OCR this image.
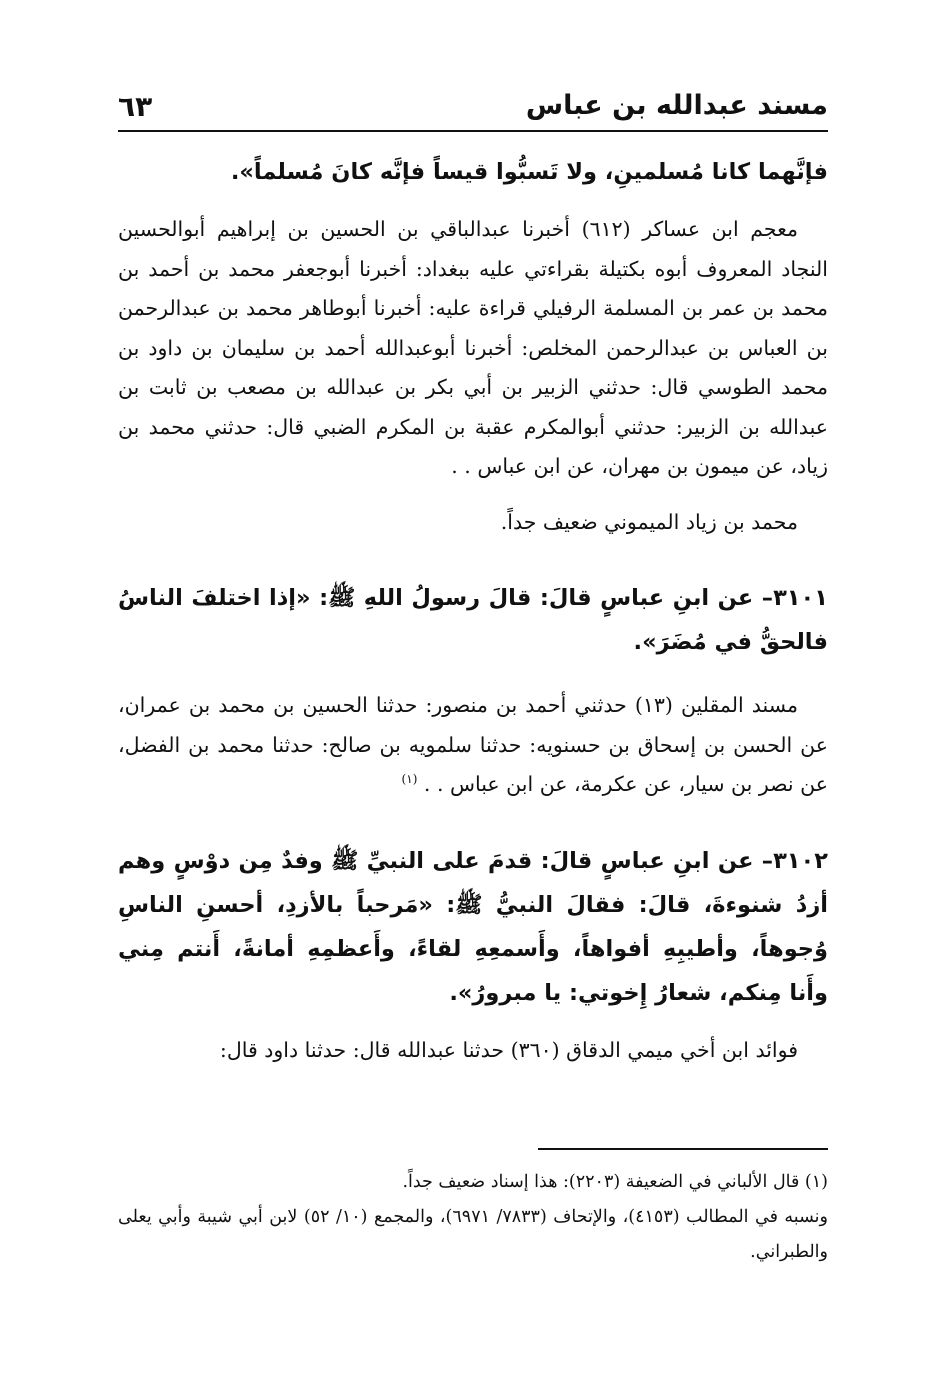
مسند عبدالله بن عباس
٦٣

فإنَّهما كانا مُسلمينِ، ولا تَسبُّوا قيساً فإنَّه كانَ مُسلماً».

معجم ابن عساكر (٦١٢) أخبرنا عبدالباقي بن الحسين بن إبراهيم أبوالحسين النجاد المعروف أبوه بكتيلة بقراءتي عليه ببغداد: أخبرنا أبوجعفر محمد بن أحمد بن محمد بن عمر بن المسلمة الرفيلي قراءة عليه: أخبرنا أبوطاهر محمد بن عبدالرحمن بن العباس بن عبدالرحمن المخلص: أخبرنا أبوعبدالله أحمد بن سليمان بن داود بن محمد الطوسي قال: حدثني الزبير بن أبي بكر بن عبدالله بن مصعب بن ثابت بن عبدالله بن الزبير: حدثني أبوالمكرم عقبة بن المكرم الضبي قال: حدثني محمد بن زياد، عن ميمون بن مهران، عن ابن عباس . .

محمد بن زياد الميموني ضعيف جداً.

٣١٠١– عن ابنِ عباسٍ قالَ: قالَ رسولُ اللهِ ﷺ: «إذا اختلفَ الناسُ فالحقُّ في مُضَرَ».

مسند المقلين (١٣) حدثني أحمد بن منصور: حدثنا الحسين بن محمد بن عمران، عن الحسن بن إسحاق بن حسنويه: حدثنا سلمويه بن صالح: حدثنا محمد بن الفضل، عن نصر بن سيار، عن عكرمة، عن ابن عباس . . $^{(١)}$

٣١٠٢– عن ابنِ عباسٍ قالَ: قدمَ على النبيِّ ﷺ وفدٌ مِن دوْسٍ وهم أزدُ شنوءةَ، قالَ: فقالَ النبيُّ ﷺ: «مَرحباً بالأزدِ، أحسنِ الناسِ وُجوهاً، وأطيبِهِ أفواهاً، وأَسمعِهِ لقاءً، وأَعظمِهِ أمانةً، أَنتم مِني وأَنا مِنكم، شعارُ إِخوتي: يا مبرورُ».

فوائد ابن أخي ميمي الدقاق (٣٦٠) حدثنا عبدالله قال: حدثنا داود قال:

(١) قال الألباني في الضعيفة (٢٢٠٣): هذا إسناد ضعيف جداً.

ونسبه في المطالب (٤١٥٣)، والإتحاف (٧٨٣٣/ ٦٩٧١)، والمجمع (١٠/ ٥٢) لابن أبي شيبة وأبي يعلى والطبراني.
